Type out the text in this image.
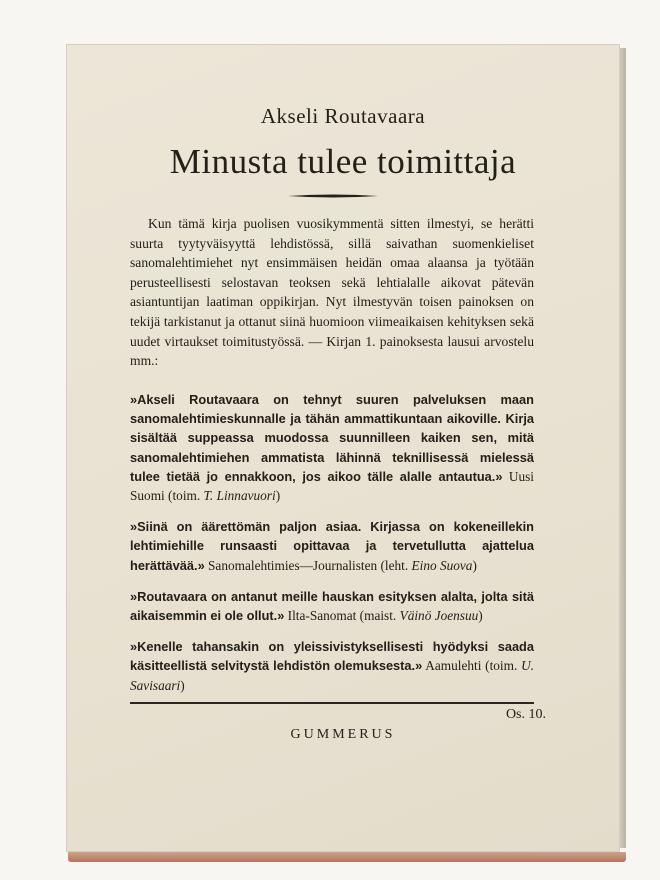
Akseli Routavaara
Minusta tulee toimittaja
Kun tämä kirja puolisen vuosikymmentä sitten ilmestyi, se herätti suurta tyytyväisyyttä lehdistössä, sillä saivathan suomenkieliset sanomalehtimiehet nyt ensimmäisen heidän omaa alaansa ja työtään perusteellisesti selostavan teoksen sekä lehtialalle aikovat pätevän asiantuntijan laatiman oppikirjan. Nyt ilmestyvän toisen painoksen on tekijä tarkistanut ja ottanut siinä huomioon viimeaikaisen kehityksen sekä uudet virtaukset toimitustyössä. — Kirjan 1. painoksesta lausui arvostelu mm.:
»Akseli Routavaara on tehnyt suuren palveluksen maan sanomalehtimieskunnalle ja tähän ammattikuntaan aikoville. Kirja sisältää suppeassa muodossa suunnilleen kaiken sen, mitä sanomalehtimiehen ammatista lähinnä teknillisessä mielessä tulee tietää jo ennakkoon, jos aikoo tälle alalle antautua.» Uusi Suomi (toim. T. Linnavuori)
»Siinä on äärettömän paljon asiaa. Kirjassa on kokeneillekin lehtimiehille runsaasti opittavaa ja tervetullutta ajattelua herättävää.» Sanomalehtimies—Journalisten (leht. Eino Suova)
»Routavaara on antanut meille hauskan esityksen alalta, jolta sitä aikaisemmin ei ole ollut.» Ilta-Sanomat (maist. Väinö Joensuu)
»Kenelle tahansakin on yleissivistyksellisesti hyödyksi saada käsitteellistä selvitystä lehdistön olemuksesta.» Aamulehti (toim. U. Savisaari)
Os. 10.
GUMMERUS
